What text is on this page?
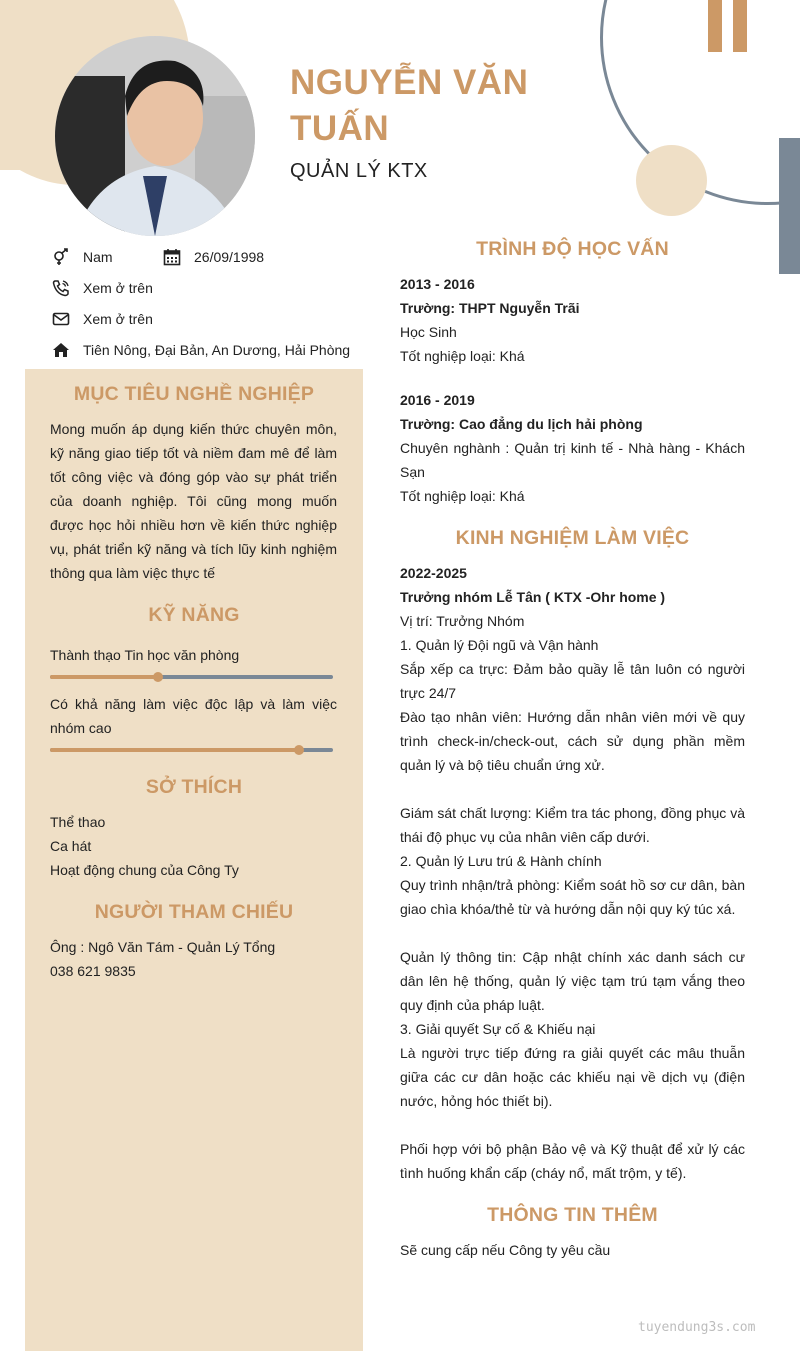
NGUYỄN VĂN TUẤN
QUẢN LÝ KTX
Nam	26/09/1998
Xem ở trên
Xem ở trên
Tiên Nông, Đại Bản, An Dương, Hải Phòng
MỤC TIÊU NGHỀ NGHIỆP
Mong muốn áp dụng kiến thức chuyên môn, kỹ năng giao tiếp tốt và niềm đam mê để làm tốt công việc và đóng góp vào sự phát triển của doanh nghiệp. Tôi cũng mong muốn được học hỏi nhiều hơn về kiến thức nghiệp vụ, phát triển kỹ năng và tích lũy kinh nghiệm thông qua làm việc thực tế
KỸ NĂNG
Thành thạo Tin học văn phòng
Có khả năng làm việc độc lập và làm việc nhóm cao
SỞ THÍCH
Thể thao
Ca hát
Hoạt động chung của Công Ty
NGƯỜI THAM CHIẾU
Ông : Ngô Văn Tám - Quản Lý Tổng
038 621 9835
TRÌNH ĐỘ HỌC VẤN
2013 - 2016
Trường: THPT Nguyễn Trãi
Học Sinh
Tốt nghiệp loại: Khá
2016 - 2019
Trường: Cao đẳng du lịch hải phòng
Chuyên nghành : Quản trị kinh tế - Nhà hàng - Khách Sạn
Tốt nghiệp loại: Khá
KINH NGHIỆM LÀM VIỆC
2022-2025
Trưởng nhóm Lễ Tân ( KTX -Ohr home )
Vị trí: Trưởng Nhóm
1. Quản lý Đội ngũ và Vận hành
Sắp xếp ca trực: Đảm bảo quầy lễ tân luôn có người trực 24/7
Đào tạo nhân viên: Hướng dẫn nhân viên mới về quy trình check-in/check-out, cách sử dụng phần mềm quản lý và bộ tiêu chuẩn ứng xử.
Giám sát chất lượng: Kiểm tra tác phong, đồng phục và thái độ phục vụ của nhân viên cấp dưới.
2. Quản lý Lưu trú & Hành chính
Quy trình nhận/trả phòng: Kiểm soát hồ sơ cư dân, bàn giao chìa khóa/thẻ từ và hướng dẫn nội quy ký túc xá.
Quản lý thông tin: Cập nhật chính xác danh sách cư dân lên hệ thống, quản lý việc tạm trú tạm vắng theo quy định của pháp luật.
3. Giải quyết Sự cố & Khiếu nại
Là người trực tiếp đứng ra giải quyết các mâu thuẫn giữa các cư dân hoặc các khiếu nại về dịch vụ (điện nước, hỏng hóc thiết bị).
Phối hợp với bộ phận Bảo vệ và Kỹ thuật để xử lý các tình huống khẩn cấp (cháy nổ, mất trộm, y tế).
THÔNG TIN THÊM
Sẽ cung cấp nếu Công ty yêu cầu
tuyendung3s.com
